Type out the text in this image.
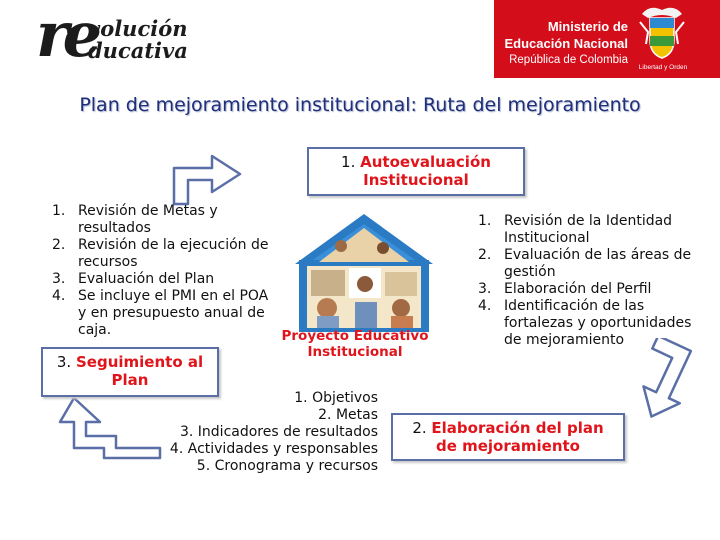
re
volución
ducativa
Ministerio de
Educación Nacional
República de Colombia
Libertad y Orden
Plan de mejoramiento institucional: Ruta del mejoramiento
1. Autoevaluación
Institucional
2. Elaboración del plan
de mejoramiento
3. Seguimiento al
Plan
1. Revisión de Metas y resultados
2. Revisión de la ejecución de recursos
3. Evaluación del Plan
4. Se incluye el PMI en el POA y en presupuesto anual de caja.
1. Revisión de la Identidad Institucional
2. Evaluación de las áreas de gestión
3. Elaboración del Perfil
4. Identificación de las fortalezas y oportunidades de mejoramiento
1. Objetivos
2. Metas
3. Indicadores de resultados
4. Actividades y responsables
5. Cronograma y recursos
Proyecto Educativo
Institucional
